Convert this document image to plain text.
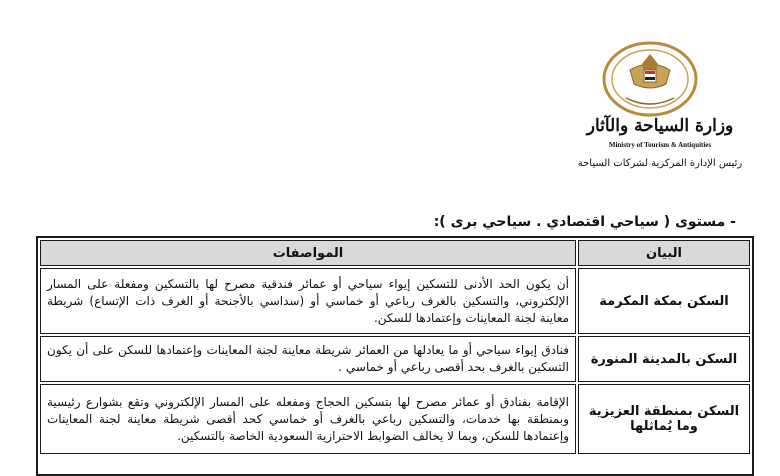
وزارة السياحة والآثار
Ministry of Tourism & Antiquities
رئيس الإدارة المركزية لشركات السياحة
- مستوى ( سياحي اقتصادي . سياحي برى ):
البيان	المواصفات
السكن بمكة المكرمة	أن يكون الحد الأدنى للتسكين إيواء سياحي أو عمائر فندقية مصرح لها بالتسكين ومفعلة على المسار الإلكتروني، والتسكين بالغرف رباعي أو خماسي أو (سداسي بالأجنحة أو الغرف ذات الإتساع) شريطة معاينة لجنة المعاينات وإعتمادها للسكن.
السكن بالمدينة المنورة	فنادق إيواء سياحي أو ما يعادلها من العمائر شريطة معاينة لجنة المعاينات وإعتمادها للسكن على أن يكون التسكين بالغرف بحد أقصى رباعي أو خماسي .
السكن بمنطقة العزيزية وما يُماثلها	الإقامة بفنادق أو عمائر مصرح لها بتسكين الحجاج ومفعله على المسار الإلكتروني وتقع بشوارع رئيسية وبمنطقة بها خدمات، والتسكين رباعي بالغرف أو خماسي كحد أقصى شريطة معاينة لجنة المعاينات وإعتمادها للسكن، وبما لا يخالف الضوابط الاحترازية السعودية الخاصة بالتسكين.
